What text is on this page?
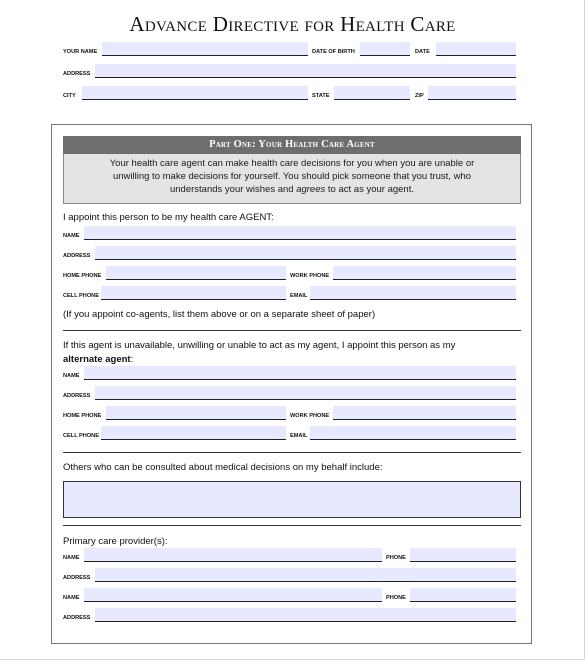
Advance Directive for Health Care
YOUR NAME	DATE OF BIRTH	DATE
ADDRESS
CITY	STATE	ZIP
Part One: Your Health Care Agent
Your health care agent can make health care decisions for you when you are unable or
unwilling to make decisions for yourself. You should pick someone that you trust, who
understands your wishes and agrees to act as your agent.
I appoint this person to be my health care AGENT:
NAME
ADDRESS
HOME PHONE	WORK PHONE
CELL PHONE	EMAIL
(If you appoint co-agents, list them above or on a separate sheet of paper)
If this agent is unavailable, unwilling or unable to act as my agent, I appoint this person as my
alternate agent:
NAME
ADDRESS
HOME PHONE	WORK PHONE
CELL PHONE	EMAIL
Others who can be consulted about medical decisions on my behalf include:
Primary care provider(s):
NAME	PHONE
ADDRESS
NAME	PHONE
ADDRESS
